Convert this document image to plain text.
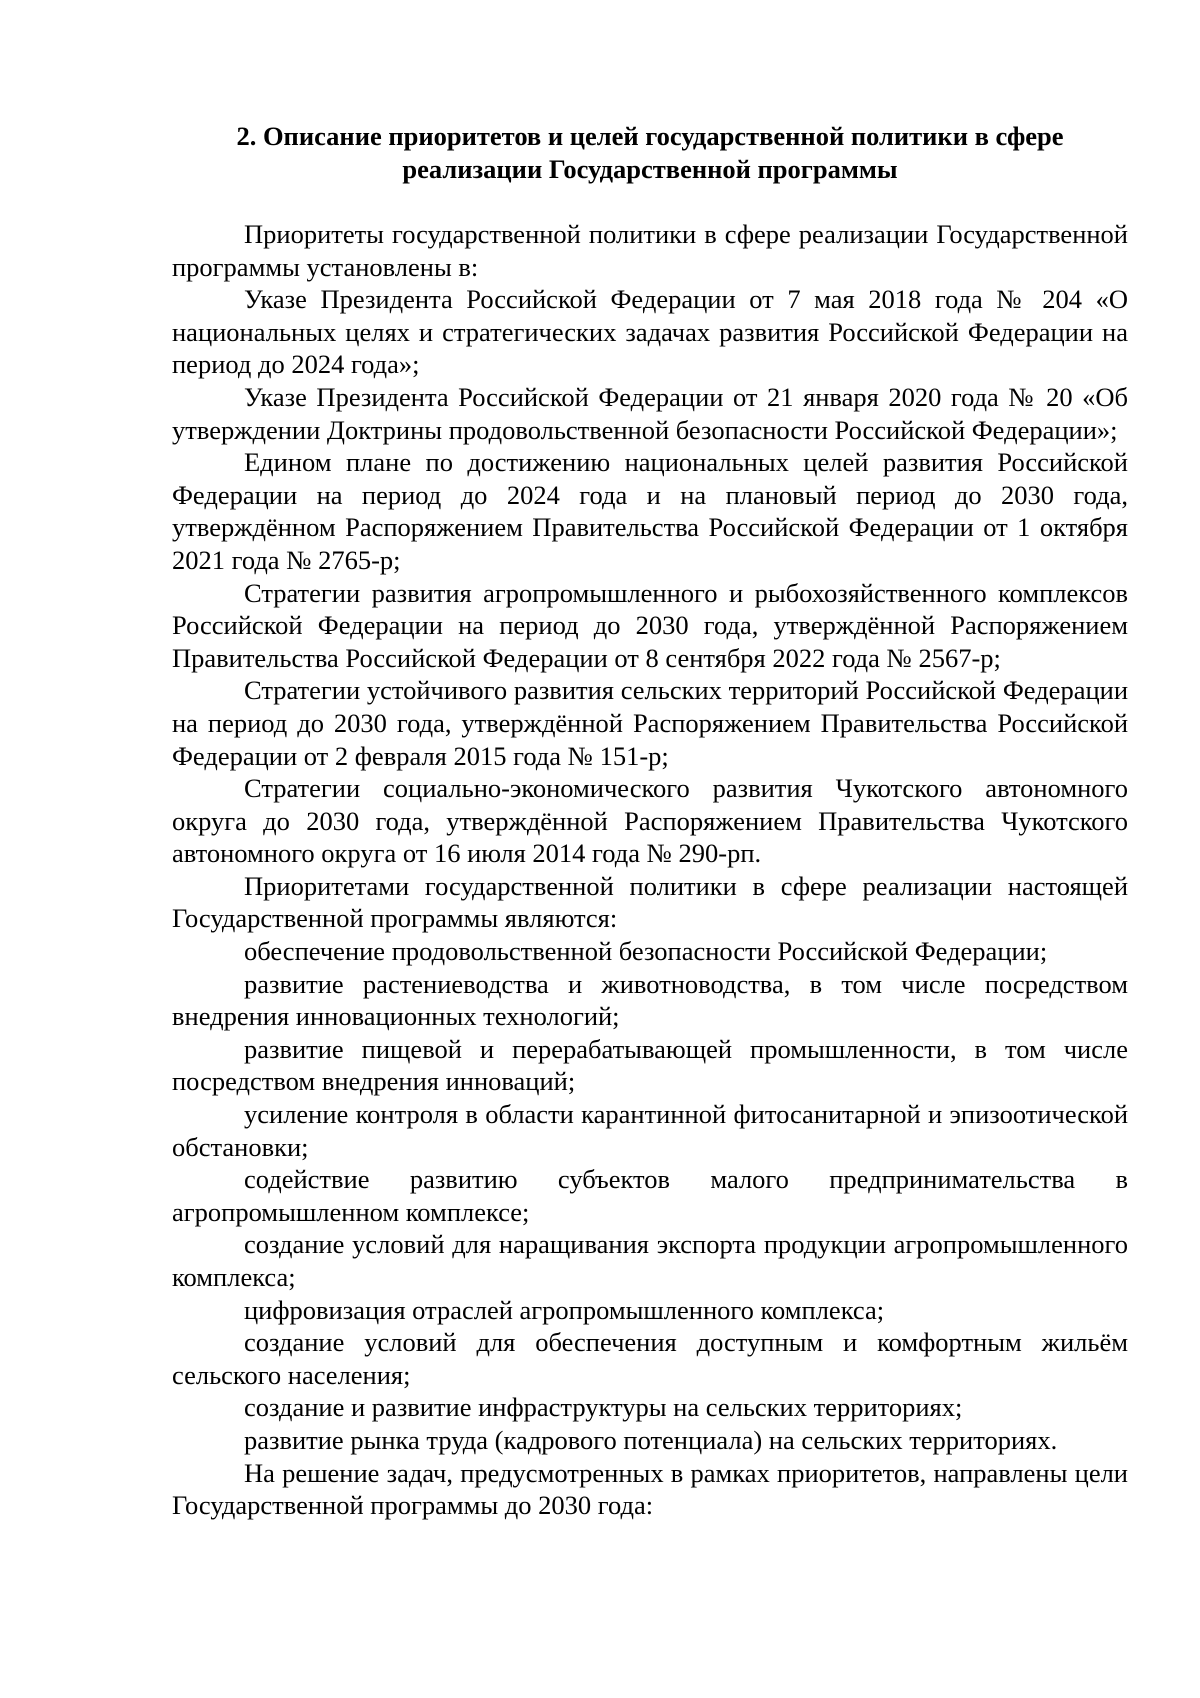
2. Описание приоритетов и целей государственной политики в сфере
реализации Государственной программы

Приоритеты государственной политики в сфере реализации Государственной программы установлены в:

Указе Президента Российской Федерации от 7 мая 2018 года № 204 «О национальных целях и стратегических задачах развития Российской Федерации на период до 2024 года»;

Указе Президента Российской Федерации от 21 января 2020 года № 20 «Об утверждении Доктрины продовольственной безопасности Российской Федерации»;

Едином плане по достижению национальных целей развития Российской Федерации на период до 2024 года и на плановый период до 2030 года, утверждённом Распоряжением Правительства Российской Федерации от 1 октября 2021 года № 2765-р;

Стратегии развития агропромышленного и рыбохозяйственного комплексов Российской Федерации на период до 2030 года, утверждённой Распоряжением Правительства Российской Федерации от 8 сентября 2022 года № 2567-р;

Стратегии устойчивого развития сельских территорий Российской Федерации на период до 2030 года, утверждённой Распоряжением Правительства Российской Федерации от 2 февраля 2015 года № 151-р;

Стратегии социально-экономического развития Чукотского автономного округа до 2030 года, утверждённой Распоряжением Правительства Чукотского автономного округа от 16 июля 2014 года № 290-рп.

Приоритетами государственной политики в сфере реализации настоящей Государственной программы являются:

обеспечение продовольственной безопасности Российской Федерации;

развитие растениеводства и животноводства, в том числе посредством внедрения инновационных технологий;

развитие пищевой и перерабатывающей промышленности, в том числе посредством внедрения инноваций;

усиление контроля в области карантинной фитосанитарной и эпизоотической обстановки;

содействие развитию субъектов малого предпринимательства в агропромышленном комплексе;

создание условий для наращивания экспорта продукции агропромышленного комплекса;

цифровизация отраслей агропромышленного комплекса;

создание условий для обеспечения доступным и комфортным жильём сельского населения;

создание и развитие инфраструктуры на сельских территориях;

развитие рынка труда (кадрового потенциала) на сельских территориях.

На решение задач, предусмотренных в рамках приоритетов, направлены цели Государственной программы до 2030 года:
